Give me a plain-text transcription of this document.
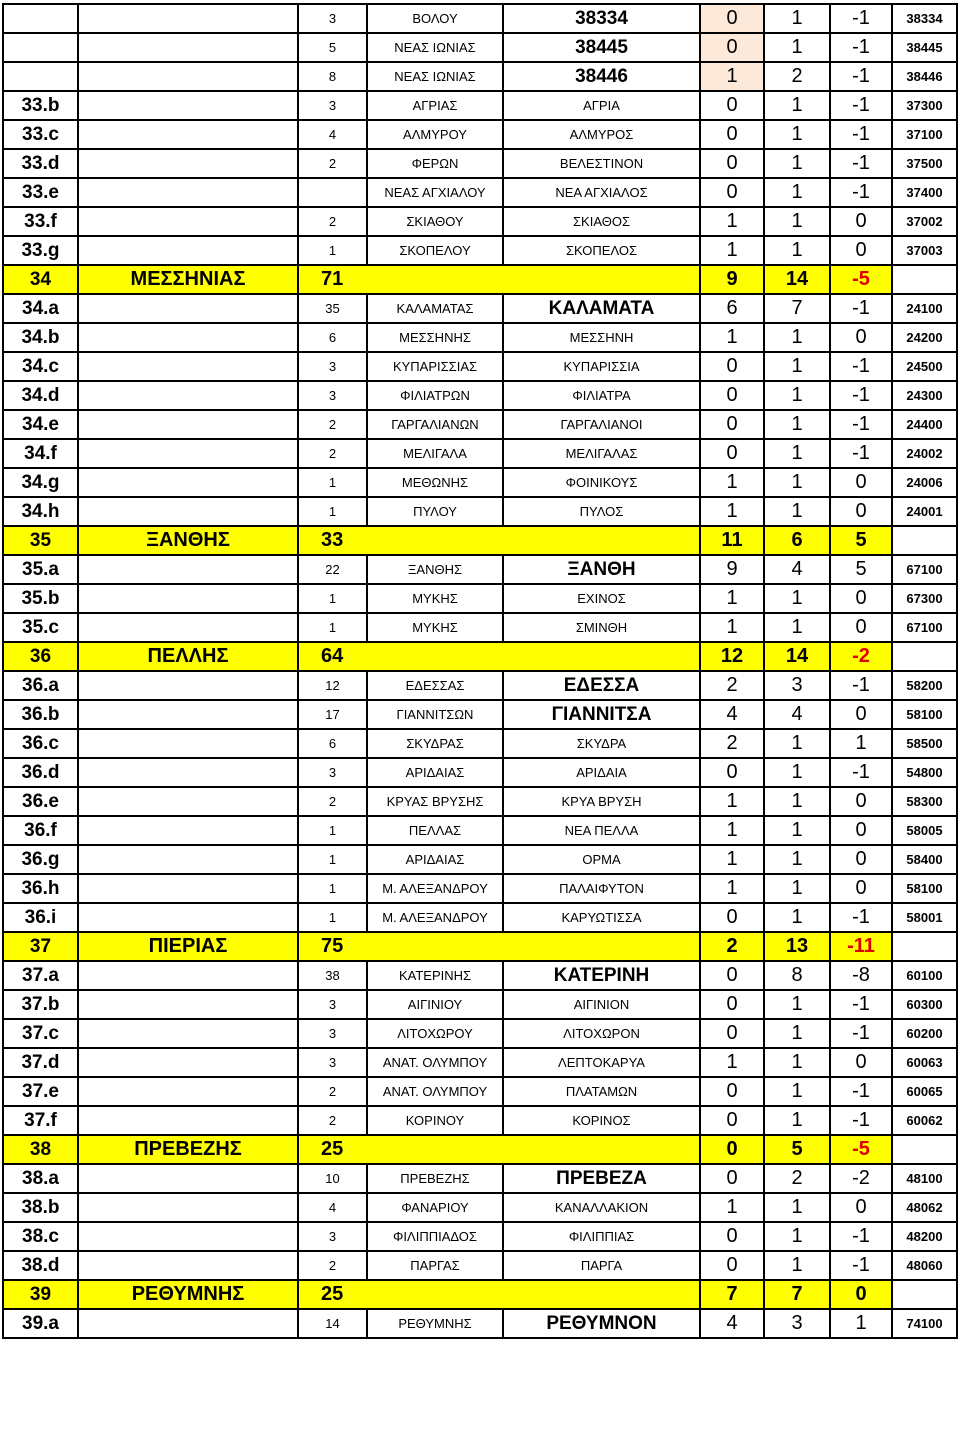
		3	ΒΟΛΟΥ	38334	0	1	-1	38334
		5	ΝΕΑΣ ΙΩΝΙΑΣ	38445	0	1	-1	38445
		8	ΝΕΑΣ ΙΩΝΙΑΣ	38446	1	2	-1	38446
33.b		3	ΑΓΡΙΑΣ	ΑΓΡΙΑ	0	1	-1	37300
33.c		4	ΑΛΜΥΡΟΥ	ΑΛΜΥΡΟΣ	0	1	-1	37100
33.d		2	ΦΕΡΩΝ	ΒΕΛΕΣΤΙΝΟΝ	0	1	-1	37500
33.e			ΝΕΑΣ ΑΓΧΙΑΛΟΥ	ΝΕΑ ΑΓΧΙΑΛΟΣ	0	1	-1	37400
33.f		2	ΣΚΙΑΘΟΥ	ΣΚΙΑΘΟΣ	1	1	0	37002
33.g		1	ΣΚΟΠΕΛΟΥ	ΣΚΟΠΕΛΟΣ	1	1	0	37003
34	ΜΕΣΣΗΝΙΑΣ	71			9	14	-5	
34.a		35	ΚΑΛΑΜΑΤΑΣ	ΚΑΛΑΜΑΤΑ	6	7	-1	24100
34.b		6	ΜΕΣΣΗΝΗΣ	ΜΕΣΣΗΝΗ	1	1	0	24200
34.c		3	ΚΥΠΑΡΙΣΣΙΑΣ	ΚΥΠΑΡΙΣΣΙΑ	0	1	-1	24500
34.d		3	ΦΙΛΙΑΤΡΩΝ	ΦΙΛΙΑΤΡΑ	0	1	-1	24300
34.e		2	ΓΑΡΓΑΛΙΑΝΩΝ	ΓΑΡΓΑΛΙΑΝΟΙ	0	1	-1	24400
34.f		2	ΜΕΛΙΓΑΛΑ	ΜΕΛΙΓΑΛΑΣ	0	1	-1	24002
34.g		1	ΜΕΘΩΝΗΣ	ΦΟΙΝΙΚΟΥΣ	1	1	0	24006
34.h		1	ΠΥΛΟΥ	ΠΥΛΟΣ	1	1	0	24001
35	ΞΑΝΘΗΣ	33			11	6	5	
35.a		22	ΞΑΝΘΗΣ	ΞΑΝΘΗ	9	4	5	67100
35.b		1	ΜΥΚΗΣ	ΕΧΙΝΟΣ	1	1	0	67300
35.c		1	ΜΥΚΗΣ	ΣΜΙΝΘΗ	1	1	0	67100
36	ΠΕΛΛΗΣ	64			12	14	-2	
36.a		12	ΕΔΕΣΣΑΣ	ΕΔΕΣΣΑ	2	3	-1	58200
36.b		17	ΓΙΑΝΝΙΤΣΩΝ	ΓΙΑΝΝΙΤΣΑ	4	4	0	58100
36.c		6	ΣΚΥΔΡΑΣ	ΣΚΥΔΡΑ	2	1	1	58500
36.d		3	ΑΡΙΔΑΙΑΣ	ΑΡΙΔΑΙΑ	0	1	-1	54800
36.e		2	ΚΡΥΑΣ ΒΡΥΣΗΣ	ΚΡΥΑ ΒΡΥΣΗ	1	1	0	58300
36.f		1	ΠΕΛΛΑΣ	ΝΕΑ ΠΕΛΛΑ	1	1	0	58005
36.g		1	ΑΡΙΔΑΙΑΣ	ΟΡΜΑ	1	1	0	58400
36.h		1	Μ. ΑΛΕΞΑΝΔΡΟΥ	ΠΑΛΑΙΦΥΤΟΝ	1	1	0	58100
36.i		1	Μ. ΑΛΕΞΑΝΔΡΟΥ	ΚΑΡΥΩΤΙΣΣΑ	0	1	-1	58001
37	ΠΙΕΡΙΑΣ	75			2	13	-11	
37.a		38	ΚΑΤΕΡΙΝΗΣ	ΚΑΤΕΡΙΝΗ	0	8	-8	60100
37.b		3	ΑΙΓΙΝΙΟΥ	ΑΙΓΙΝΙΟΝ	0	1	-1	60300
37.c		3	ΛΙΤΟΧΩΡΟΥ	ΛΙΤΟΧΩΡΟΝ	0	1	-1	60200
37.d		3	ΑΝΑΤ. ΟΛΥΜΠΟΥ	ΛΕΠΤΟΚΑΡΥΑ	1	1	0	60063
37.e		2	ΑΝΑΤ. ΟΛΥΜΠΟΥ	ΠΛΑΤΑΜΩΝ	0	1	-1	60065
37.f		2	ΚΟΡΙΝΟΥ	ΚΟΡΙΝΟΣ	0	1	-1	60062
38	ΠΡΕΒΕΖΗΣ	25			0	5	-5	
38.a		10	ΠΡΕΒΕΖΗΣ	ΠΡΕΒΕΖΑ	0	2	-2	48100
38.b		4	ΦΑΝΑΡΙΟΥ	ΚΑΝΑΛΛΑΚΙΟΝ	1	1	0	48062
38.c		3	ΦΙΛΙΠΠΙΑΔΟΣ	ΦΙΛΙΠΠΙΑΣ	0	1	-1	48200
38.d		2	ΠΑΡΓΑΣ	ΠΑΡΓΑ	0	1	-1	48060
39	ΡΕΘΥΜΝΗΣ	25			7	7	0	
39.a		14	ΡΕΘΥΜΝΗΣ	ΡΕΘΥΜΝΟΝ	4	3	1	74100
